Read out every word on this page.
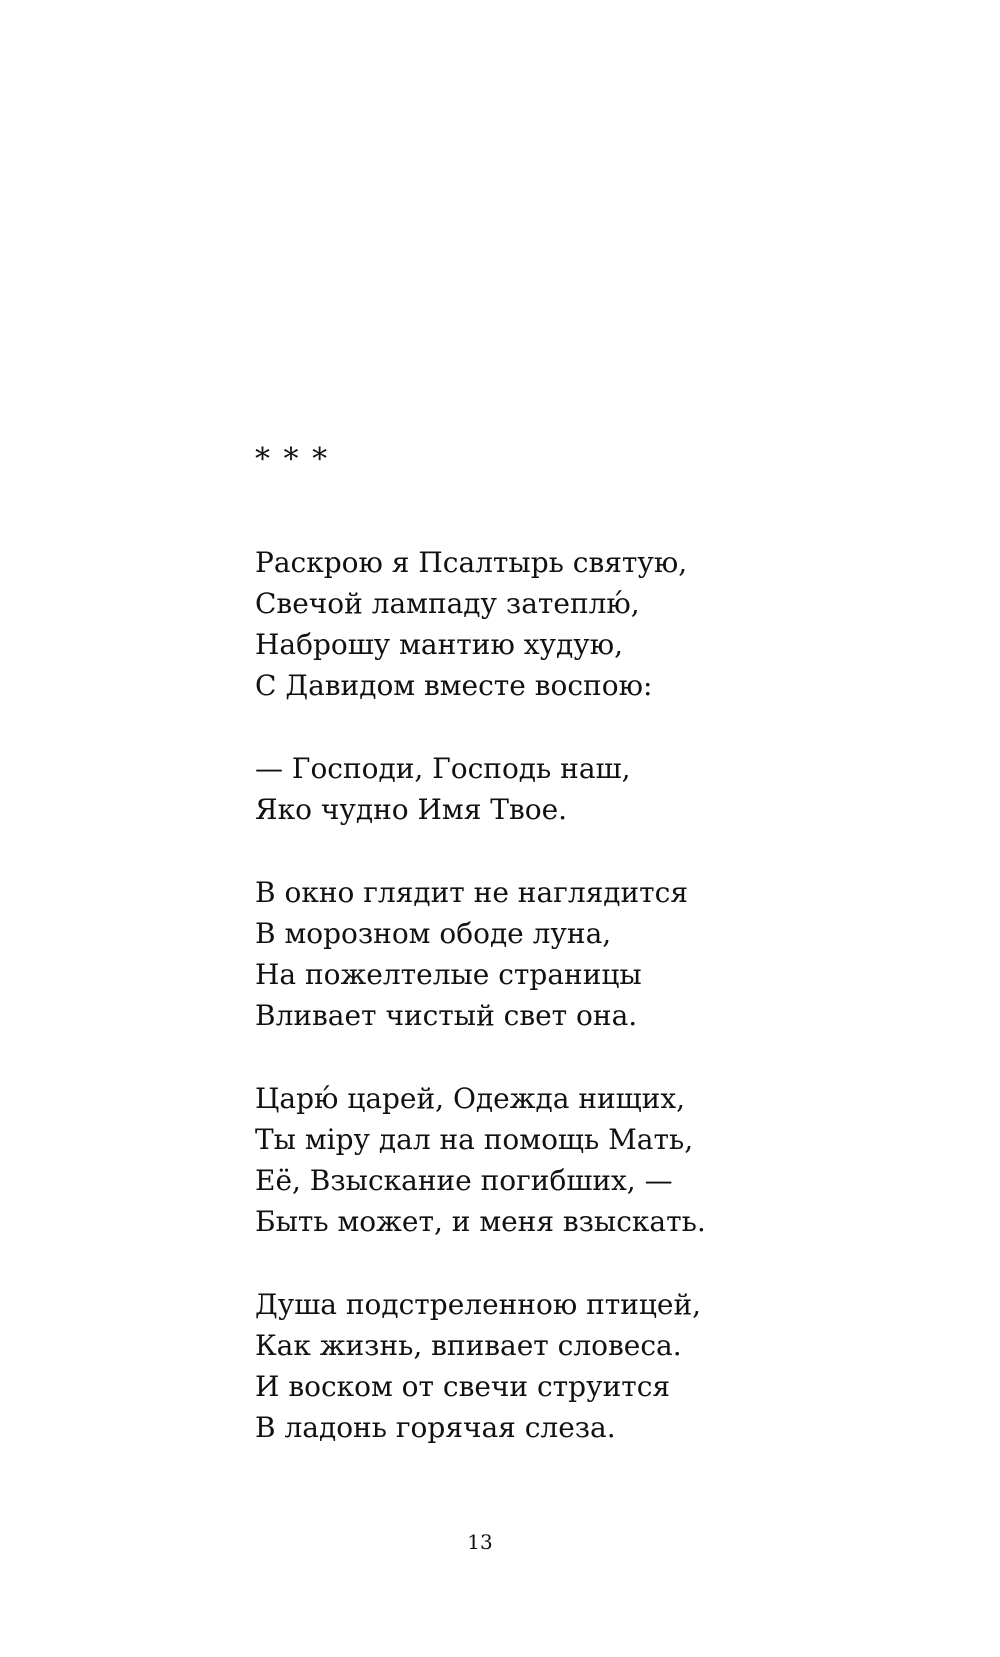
* * *
Раскрою я Псалтырь святую,
Свечой лампаду затеплю́,
Наброшу мантию худую,
С Давидом вместе воспою:
— Господи, Господь наш,
Яко чудно Имя Твое.
В окно глядит не наглядится
В морозном ободе луна,
На пожелтелые страницы
Вливает чистый свет она.
Царю́ царей, Одежда нищих,
Ты міру дал на помощь Мать,
Её, Взыскание погибших, —
Быть может, и меня взыскать.
Душа подстреленною птицей,
Как жизнь, впивает словеса.
И воском от свечи струится
В ладонь горячая слеза.
13
